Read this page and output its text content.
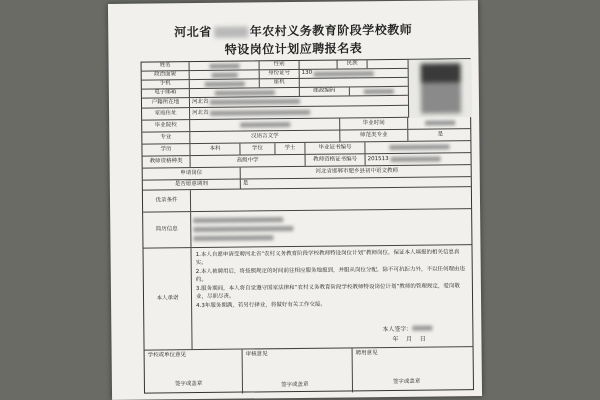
河北省	年农村义务教育阶段学校教师
特设岗位计划应聘报名表
姓名	性别	民族
政治面貌	身份证号	130

手机	座机
电子邮箱	邮政编码
户籍所在地	河北省

家庭住址	河北省

毕业院校	毕业时间
专业	汉语言文学	师范类专业	是
学历	本科	学位	学士	毕业证书编号
教师资格种类	高级中学	教师资格证书编号	201513

申请岗位	河北省邯郸市肥乡县初中语文教师
是否愿意调剂	是
优录条件
简历信息
本人承诺

1.本人自愿申请受聘河北省“农村义务教育阶段学校教师特设岗位计划”教师岗位，保证本人填报的相关信息真实。

2.本人被聘用后，将按照规定的时间前往相应服务地报到，并服从岗位分配，除不可抗拒力外，不以任何理由违约。

3.服务期间，本人将自觉遵守国家法律和“农村义务教育阶段学校教师特设岗位计划”教师的管理规定，爱岗敬业，尽职尽责。

4.3年服务期满，若另行择业，将做好有关工作交接。

本人签字：
年 月 日
学校或单位意见
签字或盖章
审核意见
签字或盖章
聘用意见
签字或盖章
